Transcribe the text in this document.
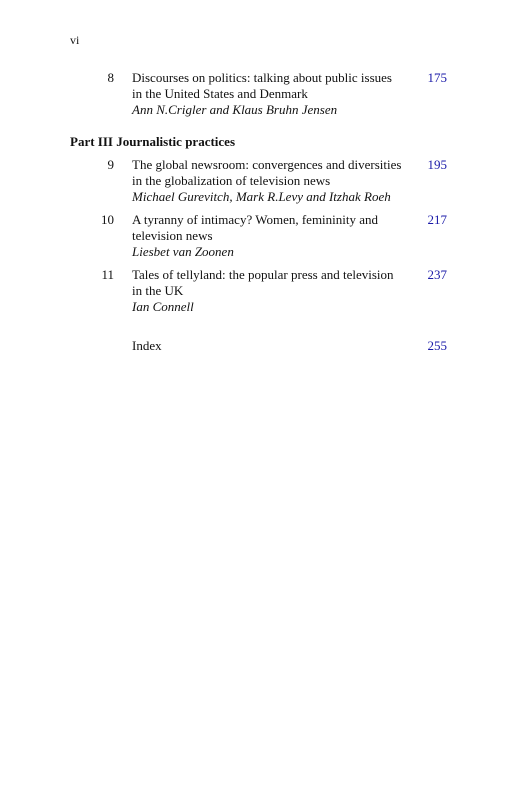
vi
8 Discourses on politics: talking about public issues in the United States and Denmark
Ann N.Crigler and Klaus Bruhn Jensen
175
Part III Journalistic practices
9 The global newsroom: convergences and diversities in the globalization of television news
Michael Gurevitch, Mark R.Levy and Itzhak Roeh
195
10 A tyranny of intimacy? Women, femininity and television news
Liesbet van Zoonen
217
11 Tales of tellyland: the popular press and television in the UK
Ian Connell
237
Index	255
